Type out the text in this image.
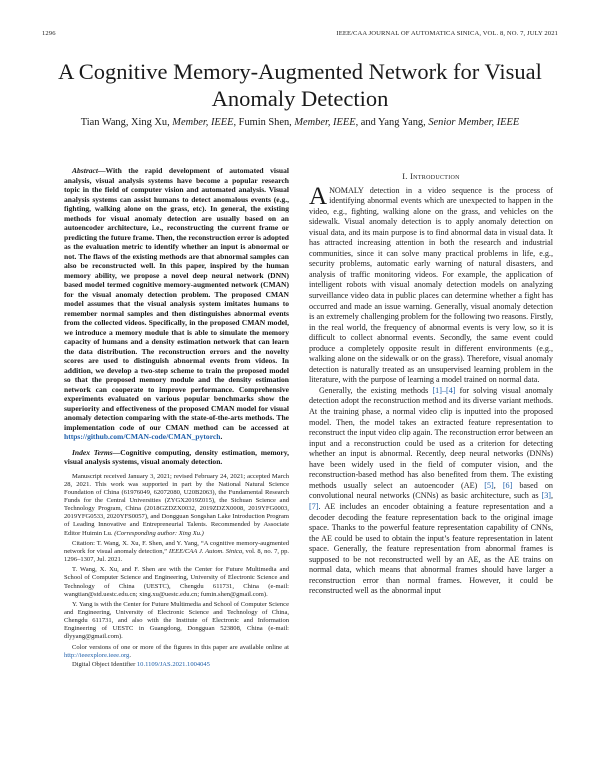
1296	IEEE/CAA JOURNAL OF AUTOMATICA SINICA, VOL. 8, NO. 7, JULY 2021
A Cognitive Memory-Augmented Network for Visual Anomaly Detection
Tian Wang, Xing Xu, Member, IEEE, Fumin Shen, Member, IEEE, and Yang Yang, Senior Member, IEEE

Abstract—With the rapid development of automated visual analysis, visual analysis systems have become a popular research topic in the field of computer vision and automated analysis. Visual analysis systems can assist humans to detect anomalous events (e.g., fighting, walking alone on the grass, etc). In general, the existing methods for visual anomaly detection are usually based on an autoencoder architecture, i.e., reconstructing the current frame or predicting the future frame. Then, the reconstruction error is adopted as the evaluation metric to identify whether an input is abnormal or not. The flaws of the existing methods are that abnormal samples can also be reconstructed well. In this paper, inspired by the human memory ability, we propose a novel deep neural network (DNN) based model termed cognitive memory-augmented network (CMAN) for the visual anomaly detection problem. The proposed CMAN model assumes that the visual analysis system imitates humans to remember normal samples and then distinguishes abnormal events from the collected videos. Specifically, in the proposed CMAN model, we introduce a memory module that is able to simulate the memory capacity of humans and a density estimation network that can learn the data distribution. The reconstruction errors and the novelty scores are used to distinguish abnormal events from videos. In addition, we develop a two-step scheme to train the proposed model so that the proposed memory module and the density estimation network can cooperate to improve performance. Comprehensive experiments evaluated on various popular benchmarks show the superiority and effectiveness of the proposed CMAN model for visual anomaly detection comparing with the state-of-the-arts methods. The implementation code of our CMAN method can be accessed at https://github.com/CMAN-code/CMAN_pytorch.

Index Terms—Cognitive computing, density estimation, memory, visual analysis systems, visual anomaly detection.

Manuscript received January 3, 2021; revised February 24, 2021; accepted March 28, 2021. This work was supported in part by the National Natural Science Foundation of China (61976049, 62072080, U20B2063), the Fundamental Research Funds for the Central Universities (ZYGX2019Z015), the Sichuan Science and Technology Program, China (2018GZDZX0032, 2019ZDZX0008, 2019YFG0003, 2019YFG0533, 2020YFS0057), and Dongguan Songshan Lake Introduction Program of Leading Innovative and Entrepreneurial Talents. Recommended by Associate Editor Huimin Lu. (Corresponding author: Xing Xu.)

Citation: T. Wang, X. Xu, F. Shen, and Y. Yang, “A cognitive memory-augmented network for visual anomaly detection,” IEEE/CAA J. Autom. Sinica, vol. 8, no. 7, pp. 1296–1307, Jul. 2021.

T. Wang, X. Xu, and F. Shen are with the Center for Future Multimedia and School of Computer Science and Engineering, University of Electronic Science and Technology of China (UESTC), Chengdu 611731, China (e-mail: wangtian@std.uestc.edu.cn; xing.xu@uestc.edu.cn; fumin.shen@gmail.com).

Y. Yang is with the Center for Future Multimedia and School of Computer Science and Engineering, University of Electronic Science and Technology of China, Chengdu 611731, and also with the Institute of Electronic and Information Engineering of UESTC in Guangdong, Dongguan 523808, China (e-mail: dlyyang@gmail.com).

Color versions of one or more of the figures in this paper are available online at http://ieeexplore.ieee.org.

Digital Object Identifier 10.1109/JAS.2021.1004045

I. Introduction

ANOMALY detection in a video sequence is the process of identifying abnormal events which are unexpected to happen in the video, e.g., fighting, walking alone on the grass, and vehicles on the sidewalk. Visual anomaly detection is to apply anomaly detection on visual data, and its main purpose is to find abnormal data in visual data. It has attracted increasing attention in both the research and industrial communities, since it can solve many practical problems in life, e.g., security problems, automatic early warning of natural disasters, and analysis of traffic monitoring videos. For example, the application of intelligent robots with visual anomaly detection models on analyzing surveillance video data in public places can determine whether a fight has occurred and made an issue warning. Generally, visual anomaly detection is an extremely challenging problem for the following two reasons. Firstly, in the real world, the frequency of abnormal events is very low, so it is difficult to collect abnormal events. Secondly, the same event could produce a completely opposite result in different environments (e.g., walking alone on the sidewalk or on the grass). Therefore, visual anomaly detection is naturally treated as an unsupervised learning problem in the literature, with the purpose of learning a model trained on normal data.

Generally, the existing methods [1]–[4] for solving visual anomaly detection adopt the reconstruction method and its diverse variant methods. At the training phase, a normal video clip is inputted into the proposed model. Then, the model takes an extracted feature representation to reconstruct the input video clip again. The reconstruction error between an input and a reconstruction could be used as a criterion for detecting whether an input is abnormal. Recently, deep neural networks (DNNs) have been widely used in the field of computer vision, and the reconstruction-based method has also benefited from them. The existing methods usually select an autoencoder (AE) [5], [6] based on convolutional neural networks (CNNs) as basic architecture, such as [3], [7]. AE includes an encoder obtaining a feature representation and a decoder decoding the feature representation back to the original image space. Thanks to the powerful feature representation capability of CNNs, the AE could be used to obtain the input’s feature representation in latent space. Generally, the feature representation from abnormal frames is supposed to be not reconstructed well by an AE, as the AE trains on normal data, which means that abnormal frames should have larger a reconstruction error than normal frames. However, it could be reconstructed well as the abnormal input
